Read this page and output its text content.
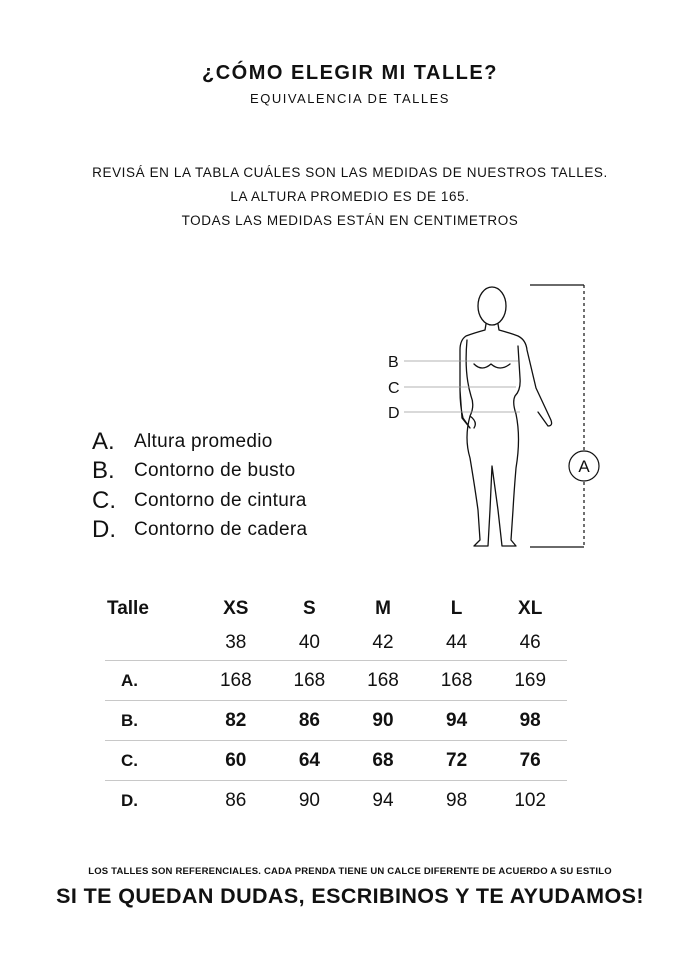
¿CÓMO ELEGIR MI TALLE?
EQUIVALENCIA DE TALLES
REVISÁ EN LA TABLA CUÁLES SON LAS MEDIDAS DE NUESTROS TALLES.
LA ALTURA PROMEDIO ES DE 165.
TODAS LAS MEDIDAS ESTÁN EN CENTIMETROS
A.	Altura promedio
B.	Contorno de busto
C. Contorno de cintura
D. Contorno de cadera
B
C
D
A
Talle	XS	S	M	L	XL
	38	40	42	44	46
A.	168	168	168	168	169
B.	82	86	90	94	98
C.	60	64	68	72	76
D.	86	90	94	98	102
LOS TALLES SON REFERENCIALES. CADA PRENDA TIENE UN CALCE DIFERENTE DE ACUERDO A SU ESTILO
SI TE QUEDAN DUDAS, ESCRIBINOS Y TE AYUDAMOS!
